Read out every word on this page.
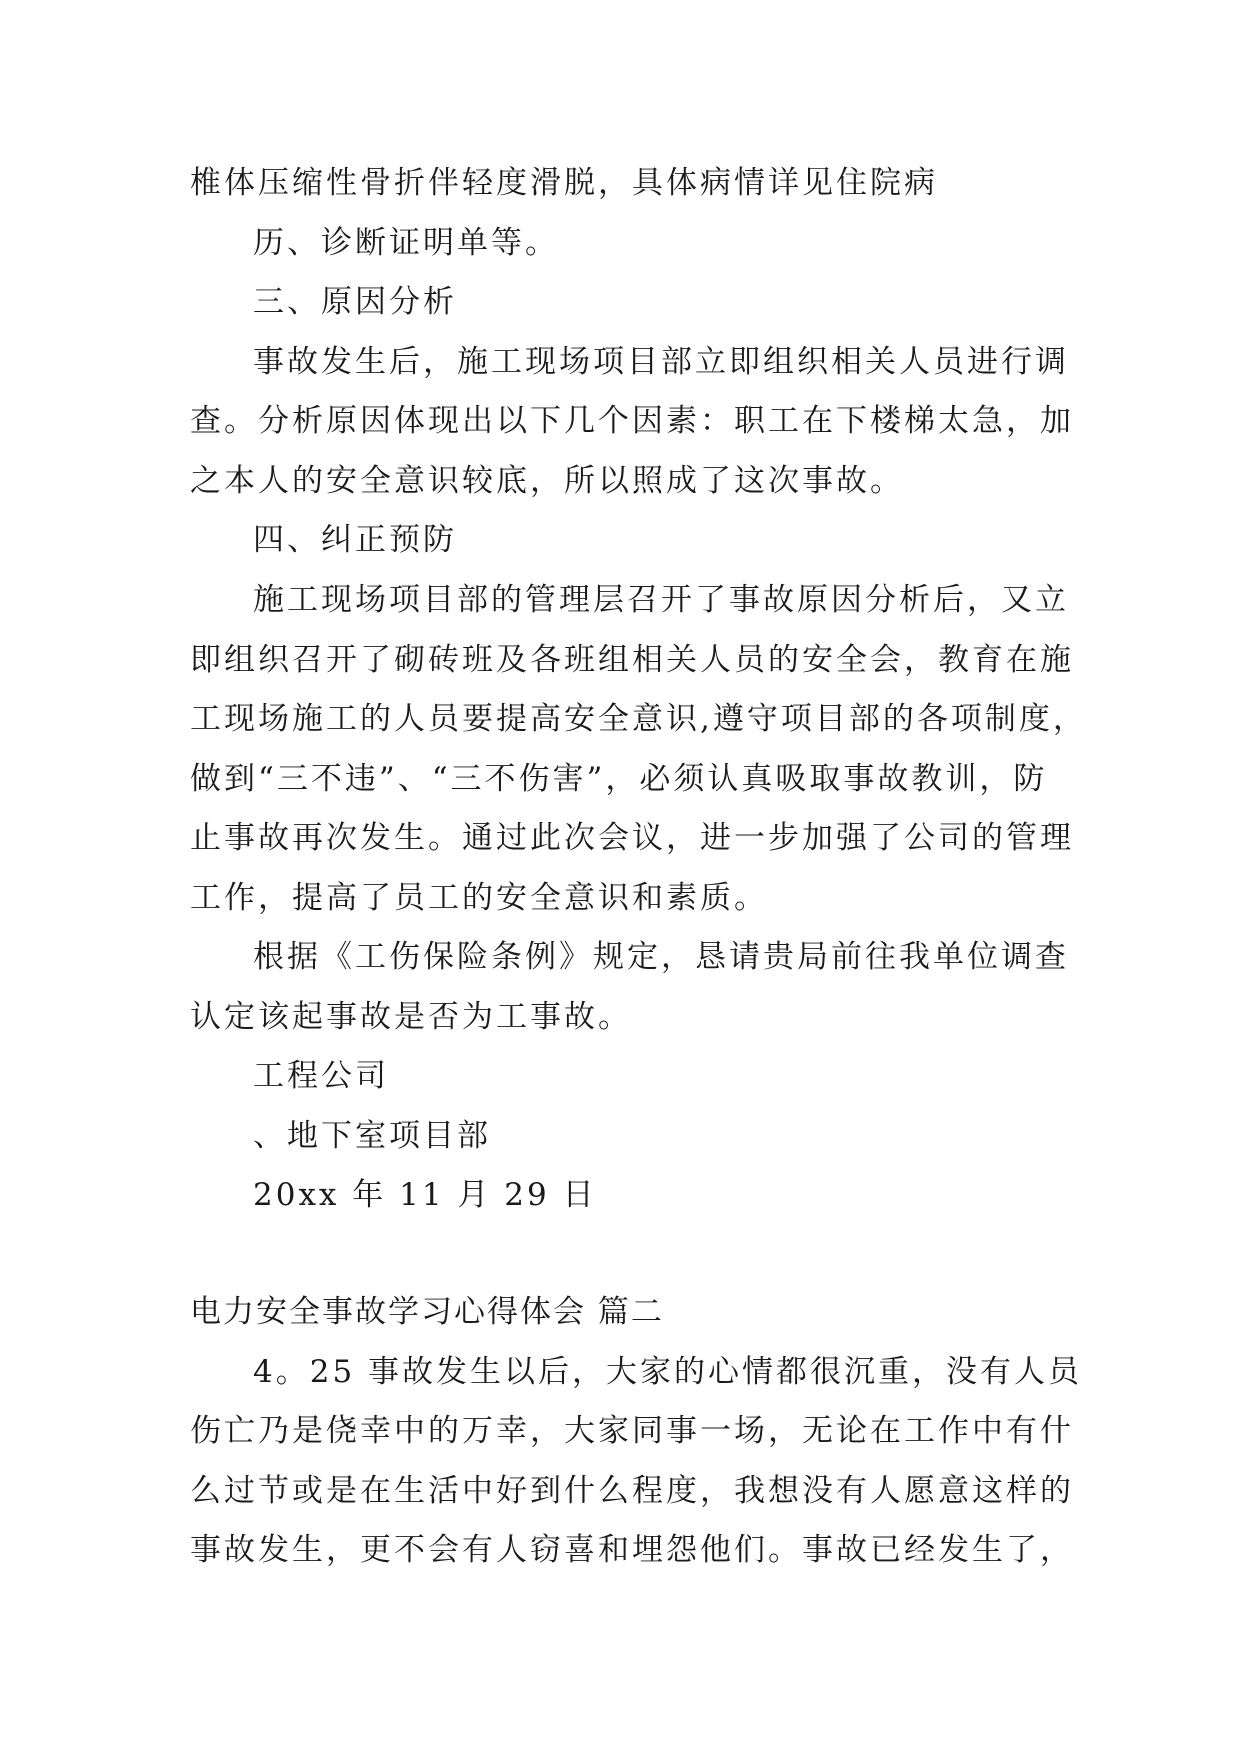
椎体压缩性骨折伴轻度滑脱，具体病情详见住院病
历、诊断证明单等。
三、原因分析
事故发生后，施工现场项目部立即组织相关人员进行调
查。分析原因体现出以下几个因素：职工在下楼梯太急，加
之本人的安全意识较底，所以照成了这次事故。
四、纠正预防
施工现场项目部的管理层召开了事故原因分析后，又立
即组织召开了砌砖班及各班组相关人员的安全会，教育在施
工现场施工的人员要提高安全意识,遵守项目部的各项制度，
做到“三不违”、“三不伤害”，必须认真吸取事故教训，防
止事故再次发生。通过此次会议，进一步加强了公司的管理
工作，提高了员工的安全意识和素质。
根据《工伤保险条例》规定，恳请贵局前往我单位调查
认定该起事故是否为工事故。
工程公司
、地下室项目部
20xx 年 11 月 29 日
电力安全事故学习心得体会 篇二
4。25 事故发生以后，大家的心情都很沉重，没有人员
伤亡乃是侥幸中的万幸，大家同事一场，无论在工作中有什
么过节或是在生活中好到什么程度，我想没有人愿意这样的
事故发生，更不会有人窃喜和埋怨他们。事故已经发生了，
